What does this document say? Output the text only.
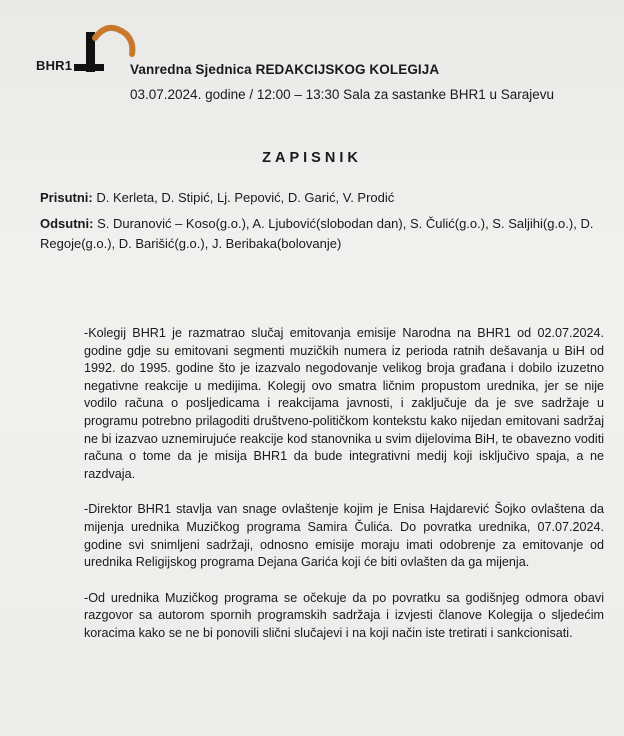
BHR1	Vanredna Sjednica REDAKCIJSKOG KOLEGIJA
03.07.2024. godine / 12:00 – 13:30 Sala za sastanke BHR1 u Sarajevu
ZAPISNIK

Prisutni: D. Kerleta, D. Stipić, Lj. Pepović, D. Garić, V. Prodić

Odsutni: S. Duranović – Koso(g.o.), A. Ljubović(slobodan dan), S. Čulić(g.o.), S. Saljihi(g.o.), D. Regoje(g.o.), D. Barišić(g.o.), J. Beribaka(bolovanje)

-Kolegij BHR1 je razmatrao slučaj emitovanja emisije Narodna na BHR1 od 02.07.2024. godine gdje su emitovani segmenti muzičkih numera iz perioda ratnih dešavanja u BiH od 1992. do 1995. godine što je izazvalo negodovanje velikog broja građana i dobilo izuzetno negativne reakcije u medijima. Kolegij ovo smatra ličnim propustom urednika, jer se nije vodilo računa o posljedicama i reakcijama javnosti, i zaključuje da je sve sadržaje u programu potrebno prilagoditi društveno-političkom kontekstu kako nijedan emitovani sadržaj ne bi izazvao uznemirujuće reakcije kod stanovnika u svim dijelovima BiH, te obavezno voditi računa o tome da je misija BHR1 da bude integrativni medij koji isključivo spaja, a ne razdvaja.

-Direktor BHR1 stavlja van snage ovlaštenje kojim je Enisa Hajdarević Šojko ovlaštena da mijenja urednika Muzičkog programa Samira Čulića. Do povratka urednika, 07.07.2024. godine svi snimljeni sadržaji, odnosno emisije moraju imati odobrenje za emitovanje od urednika Religijskog programa Dejana Garića koji će biti ovlašten da ga mijenja.

-Od urednika Muzičkog programa se očekuje da po povratku sa godišnjeg odmora obavi razgovor sa autorom spornih programskih sadržaja i izvjesti članove Kolegija o sljedećim koracima kako se ne bi ponovili slični slučajevi i na koji način iste tretirati i sankcionisati.
